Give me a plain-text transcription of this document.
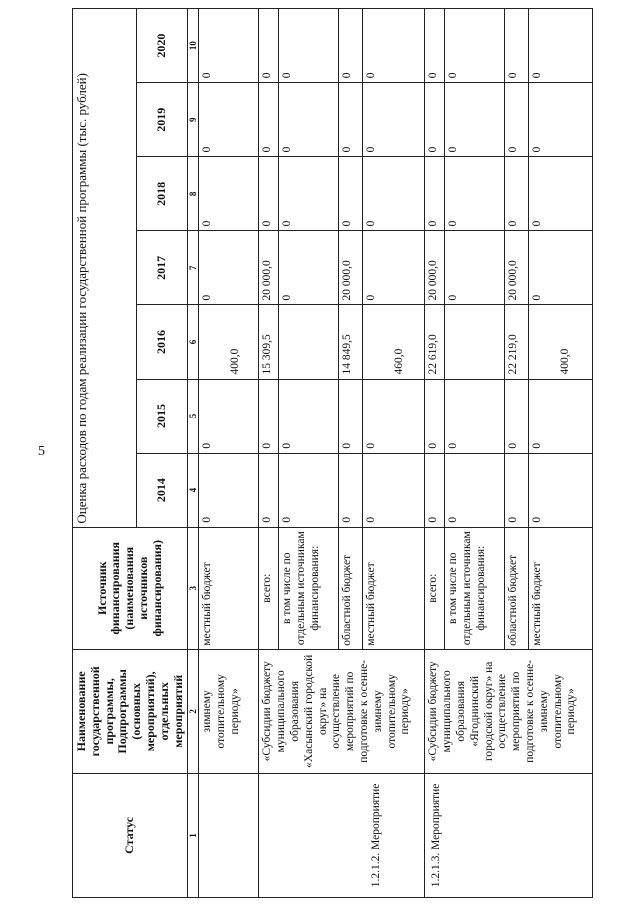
5
Статус	Наименование государственной программы, Подпрограммы (основных мероприятий), отдельных мероприятий	Источник финансирования (наименования источников финансирования)	Оценка расходов по годам реализации государственной программы (тыс. рублей)						
			2014	2015	2016	2017	2018	2019	2020
1	2	3	4	5	6	7	8	9	10
	зимнему отопительному периоду»	местный бюджет	0	0	400,0	0	0	0	0
1.2.1.2. Мероприятие	«Субсидии бюджету муниципального образования «Хасынский городской округ» на осуществление мероприятий по подготовке к осенне-зимнему отопительному периоду»	всего:	0	0	15 309,5	20 000,0	0	0	0
		в том числе по отдельным источникам финансирования:	0	0		0	0	0	0
		областной бюджет	0	0	14 849,5	20 000,0	0	0	0
		местный бюджет	0	0	460,0	0	0	0	0
1.2.1.3. Мероприятие	«Субсидии бюджету муниципального образования «Ягоднинский городской округ» на осуществление мероприятий по подготовке к осенне-зимнему отопительному периоду»	всего:	0	0	22 619,0	20 000,0	0	0	0
		в том числе по отдельным источникам финансирования:	0	0		0	0	0	0
		областной бюджет	0	0	22 219,0	20 000,0	0	0	0
		местный бюджет	0	0	400,0	0	0	0	0
